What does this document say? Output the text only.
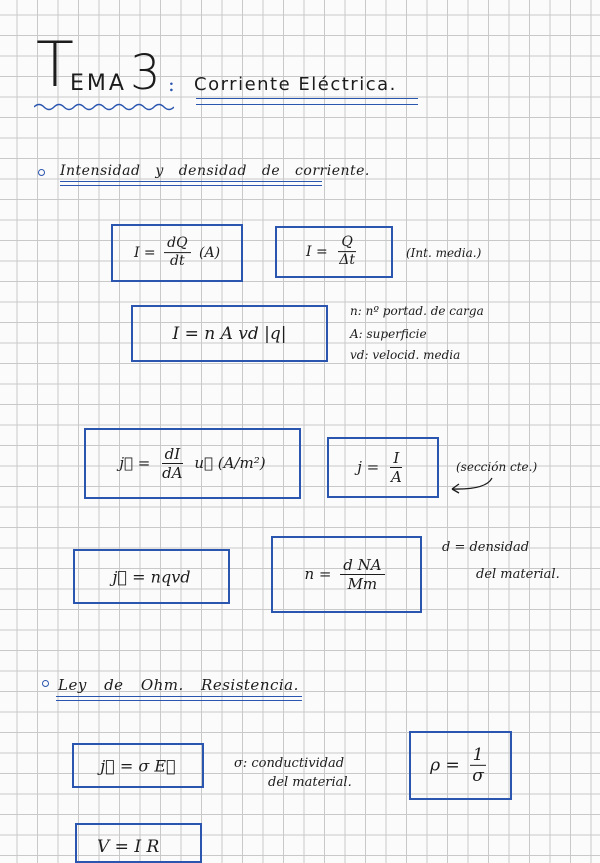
T
EMA 3 : Corriente Eléctrica.
Intensidad y densidad de corriente.
$I = \frac{dQ}{dt} (A)$	$I = \frac{Q}{\Delta t}$	(Int. media.)
I = n A vd |q|
n: nº portad. de carga
A: superficie
vd: velocid. media
j⃗ = $\frac{dI}{dA}$ u⃗ (A/m²)	$j = \frac{I}{A}$	(sección cte.)
j⃗ = nqvd	$n = \frac{\text{d NA}}{Mm}$
d = densidad
del material.
Ley de Ohm. Resistencia.
j⃗ = σ E⃗	σ: conductividad
del material.
$\rho = \frac{1}{\sigma}$
V = I R
